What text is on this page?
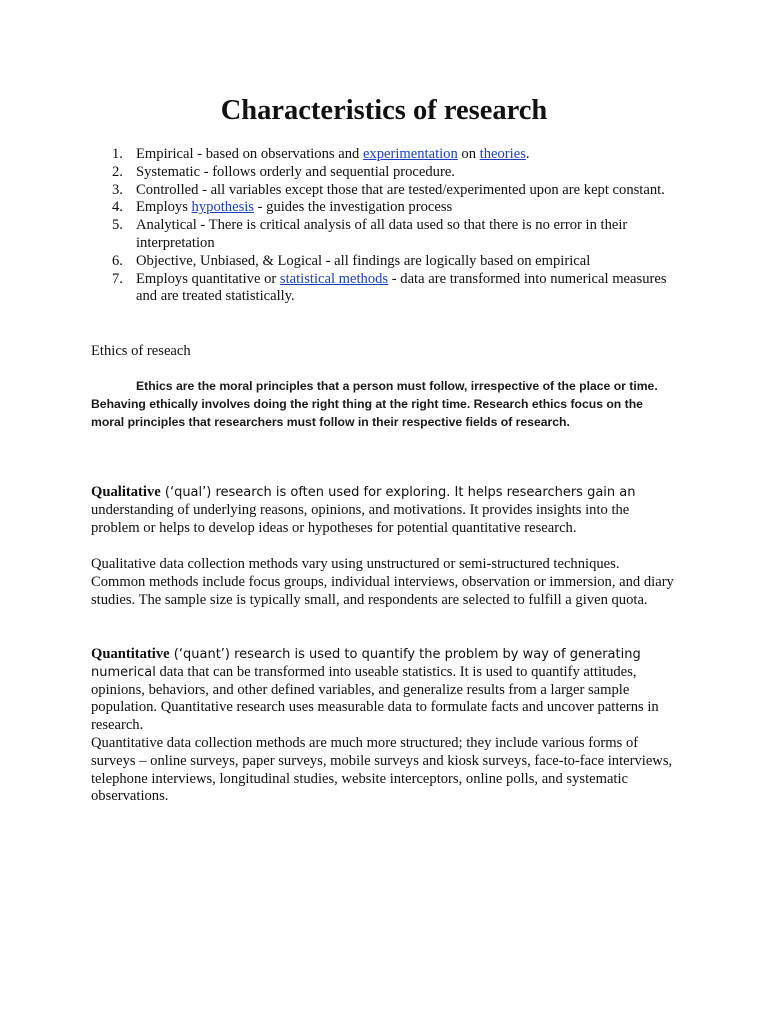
Characteristics of research
1. Empirical - based on observations and experimentation on theories.
2. Systematic - follows orderly and sequential procedure.
3. Controlled - all variables except those that are tested/experimented upon are kept constant.
4. Employs hypothesis - guides the investigation process
5. Analytical - There is critical analysis of all data used so that there is no error in their interpretation
6. Objective, Unbiased, & Logical - all findings are logically based on empirical
7. Employs quantitative or statistical methods - data are transformed into numerical measures and are treated statistically.
Ethics of reseach

Ethics are the moral principles that a person must follow, irrespective of the place or time. Behaving ethically involves doing the right thing at the right time. Research ethics focus on the moral principles that researchers must follow in their respective fields of research.

Qualitative (‘qual’) research is often used for exploring. It helps researchers gain an understanding of underlying reasons, opinions, and motivations. It provides insights into the problem or helps to develop ideas or hypotheses for potential quantitative research.

Qualitative data collection methods vary using unstructured or semi-structured techniques. Common methods include focus groups, individual interviews, observation or immersion, and diary studies. The sample size is typically small, and respondents are selected to fulfill a given quota.

Quantitative (‘quant’) research is used to quantify the problem by way of generating numerical data that can be transformed into useable statistics. It is used to quantify attitudes, opinions, behaviors, and other defined variables, and generalize results from a larger sample population. Quantitative research uses measurable data to formulate facts and uncover patterns in research.

Quantitative data collection methods are much more structured; they include various forms of surveys – online surveys, paper surveys, mobile surveys and kiosk surveys, face-to-face interviews, telephone interviews, longitudinal studies, website interceptors, online polls, and systematic observations.
